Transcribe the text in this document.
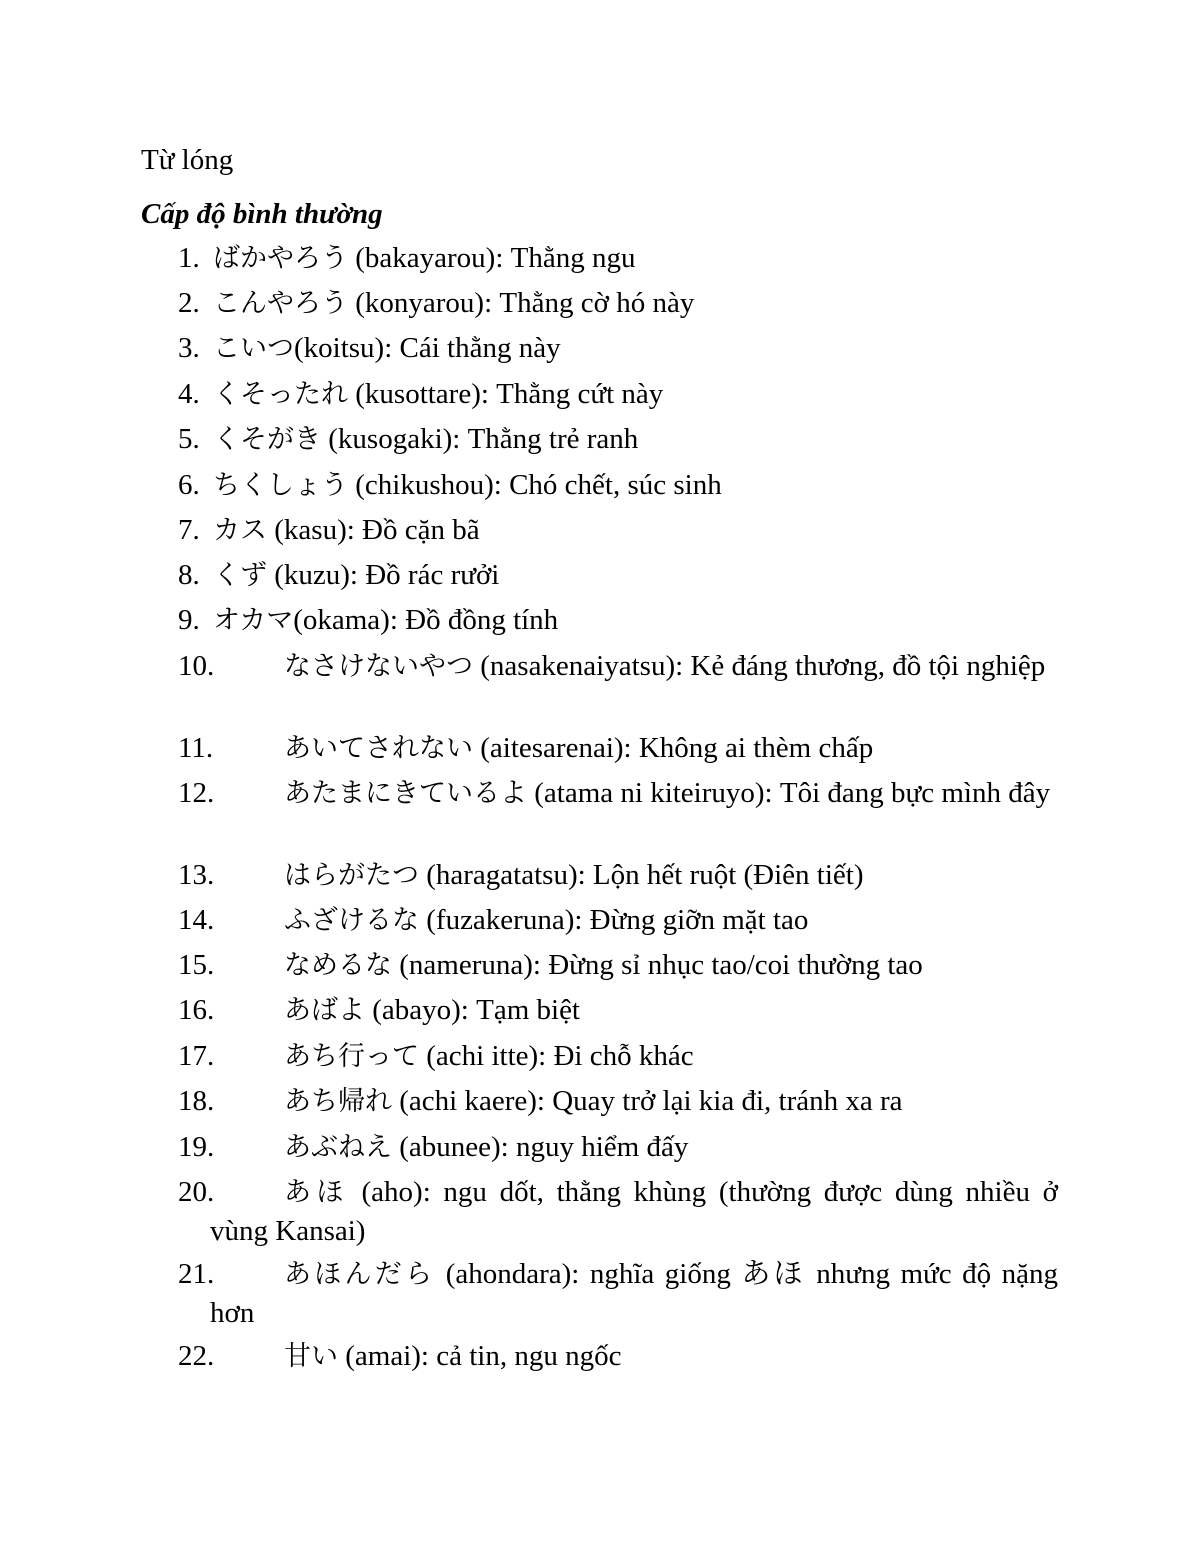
Từ lóng
Cấp độ bình thường
1. ばかやろう (bakayarou): Thằng ngu
2. こんやろう (konyarou): Thằng cờ hó này
3. こいつ(koitsu): Cái thằng này
4. くそったれ (kusottare): Thằng cứt này
5. くそがき (kusogaki): Thằng trẻ ranh
6. ちくしょう (chikushou): Chó chết, súc sinh
7. カス (kasu): Đồ cặn bã
8. くず (kuzu): Đồ rác rưởi
9. オカマ(okama): Đồ đồng tính
10.	なさけないやつ (nasakenaiyatsu): Kẻ đáng thương, đồ tội nghiệp
11.	あいてされない (aitesarenai): Không ai thèm chấp
12.	あたまにきているよ (atama ni kiteiruyo): Tôi đang bực mình đây
13.	はらがたつ (haragatatsu): Lộn hết ruột (Điên tiết)
14.	ふざけるな (fuzakeruna): Đừng giỡn mặt tao
15.	なめるな (nameruna): Đừng sỉ nhục tao/coi thường tao
16.	あばよ (abayo): Tạm biệt
17.	あち行って (achi itte): Đi chỗ khác
18.	あち帰れ (achi kaere): Quay trở lại kia đi, tránh xa ra
19.	あぶねえ (abunee): nguy hiểm đấy
20.	あほ (aho): ngu dốt, thằng khùng (thường được dùng nhiều ở vùng Kansai)
21.	あほんだら (ahondara): nghĩa giống あほ nhưng mức độ nặng hơn
22.	甘い (amai): cả tin, ngu ngốc
